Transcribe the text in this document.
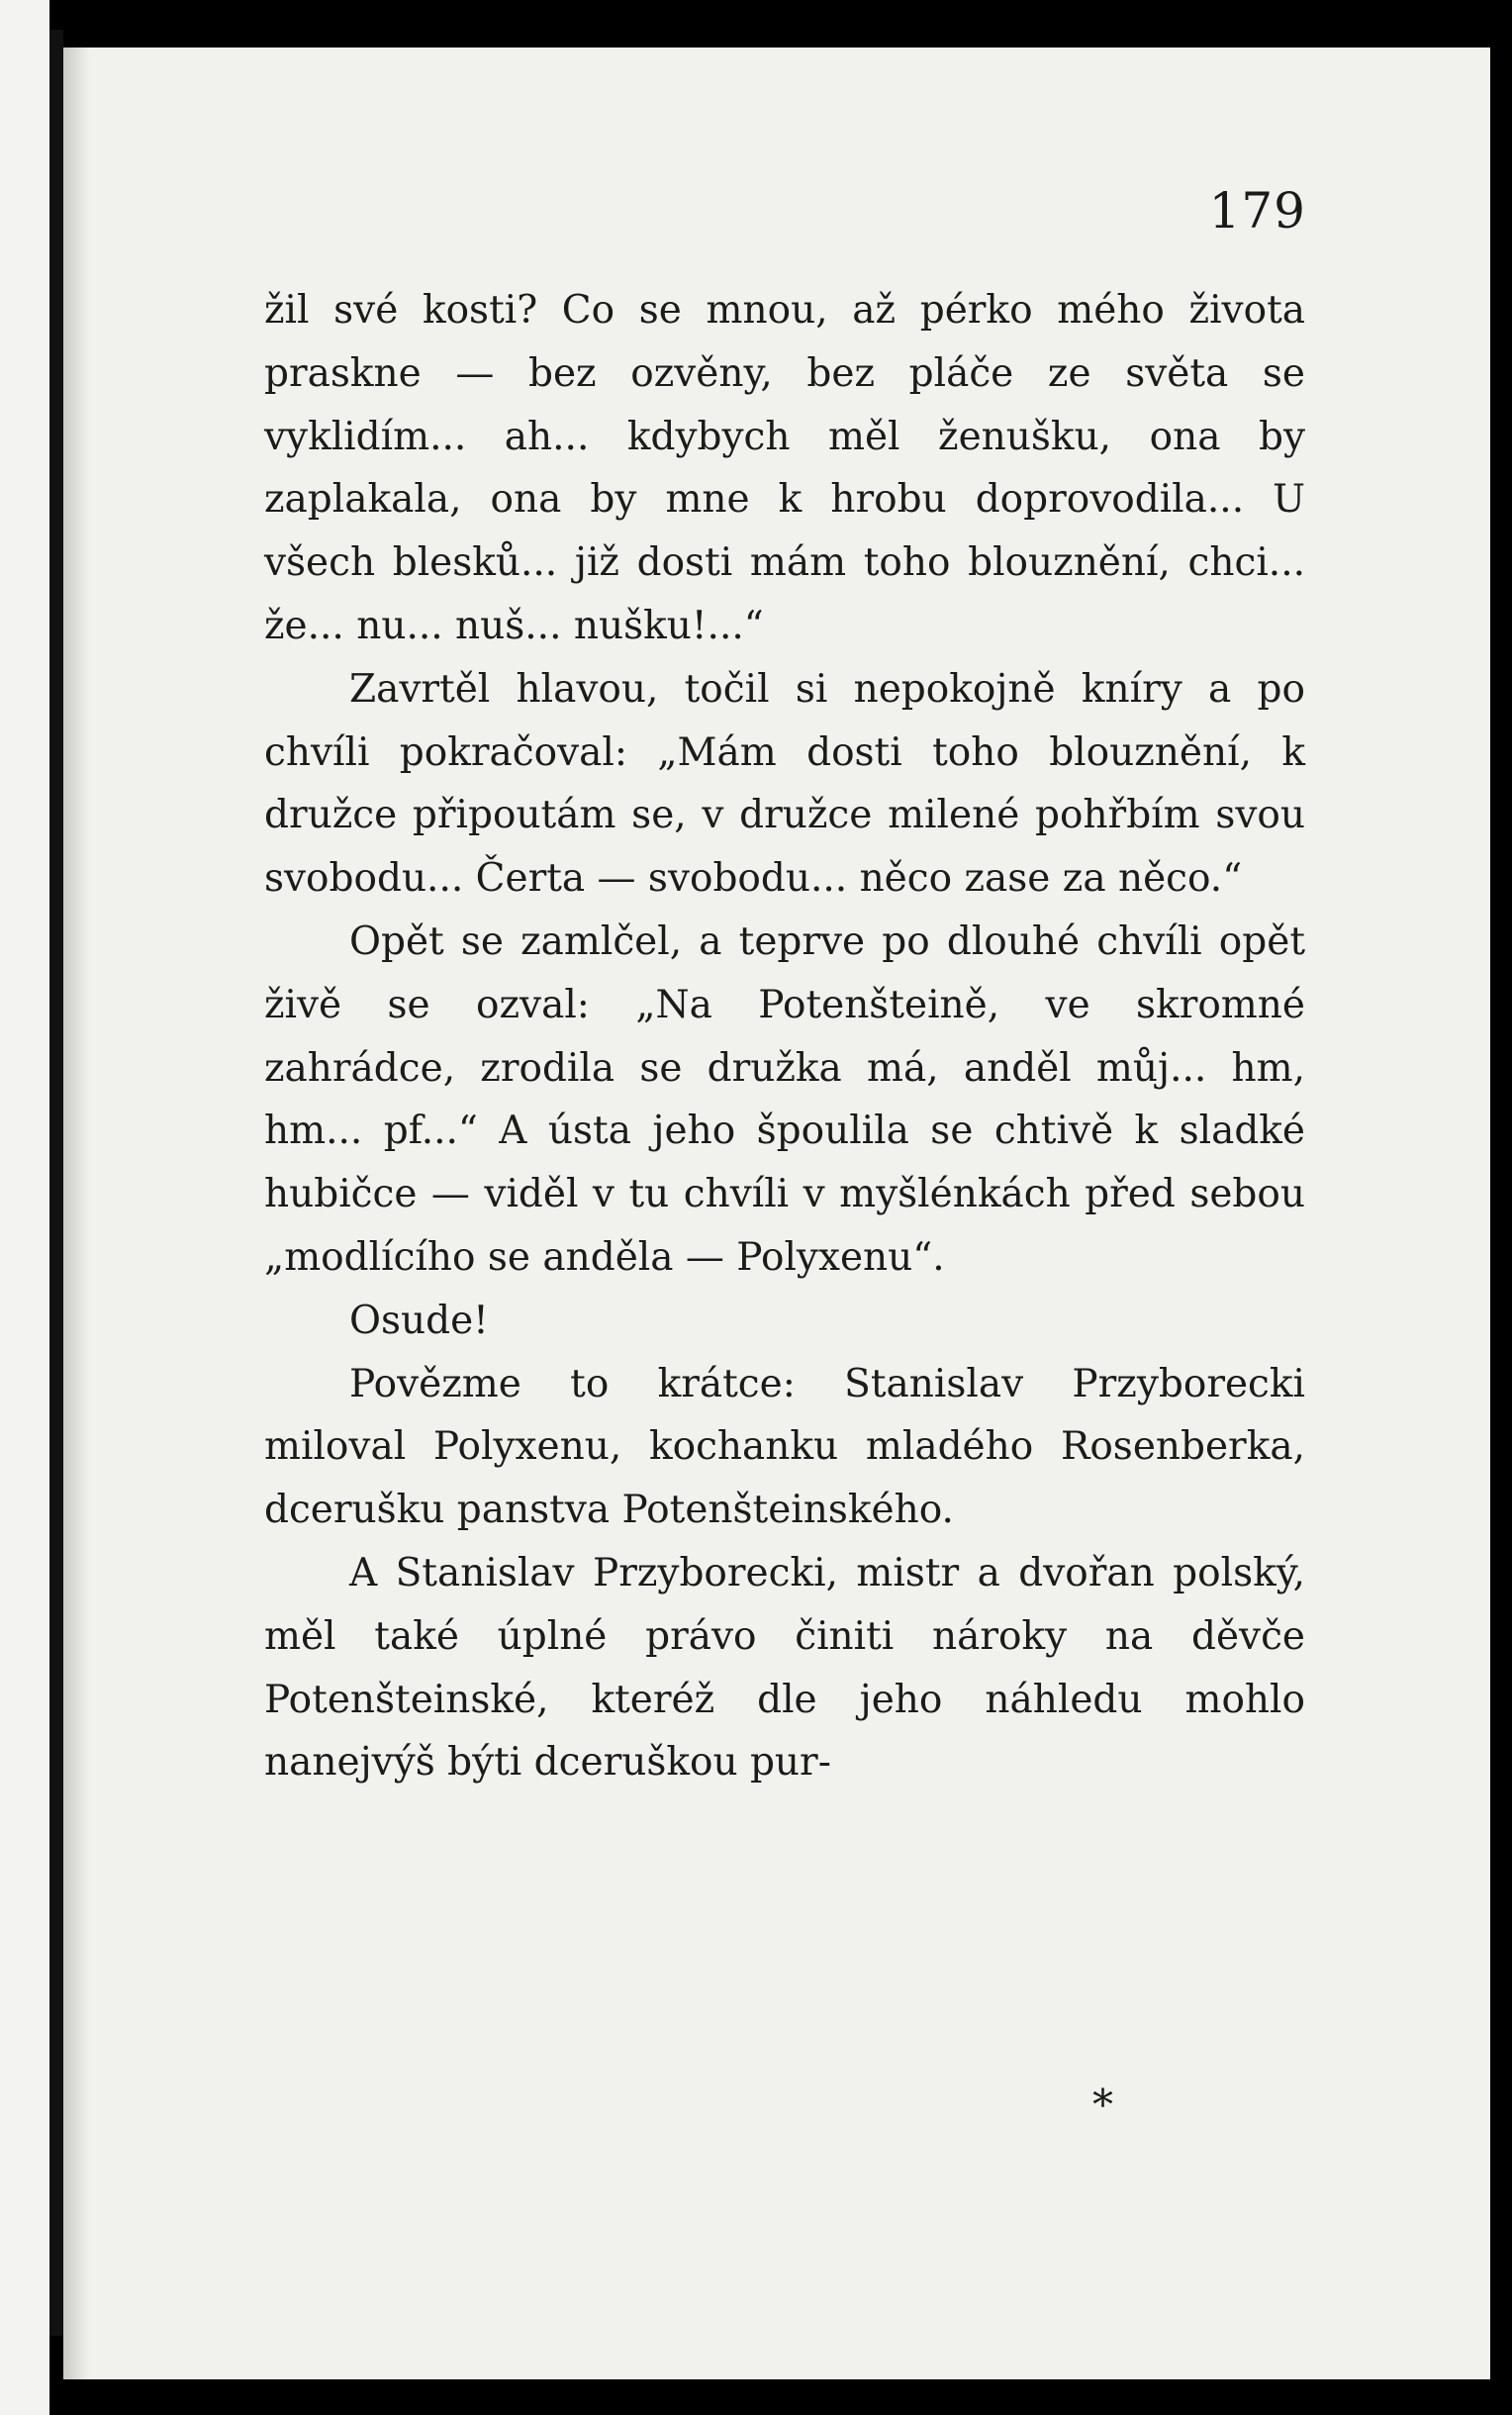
179

žil své kosti? Co se mnou, až pérko mého života praskne — bez ozvěny, bez pláče ze světa se vyklidím... ah... kdybych měl ženušku, ona by zaplakala, ona by mne k hrobu doprovodila... U všech blesků... již dosti mám toho blouznění, chci... že... nu... nuš... nušku!...“

Zavrtěl hlavou, točil si nepokojně kníry a po chvíli pokračoval: „Mám dosti toho blouznění, k družce připoutám se, v družce milené pohřbím svou svobodu... Čerta — svobodu... něco zase za něco.“

Opět se zamlčel, a teprve po dlouhé chvíli opět živě se ozval: „Na Potenšteině, ve skromné zahrádce, zrodila se družka má, anděl můj... hm, hm... pf...“ A ústa jeho špoulila se chtivě k sladké hubičce — viděl v tu chvíli v myšlénkách před sebou „modlícího se anděla — Polyxenu“.

Osude!

Povězme to krátce: Stanislav Przyborecki miloval Polyxenu, kochanku mladého Rosenberka, dcerušku panstva Potenšteinského.

A Stanislav Przyborecki, mistr a dvořan polský, měl také úplné právo činiti nároky na děvče Potenšteinské, kteréž dle jeho náhledu mohlo nanejvýš býti dceruškou pur-

*
